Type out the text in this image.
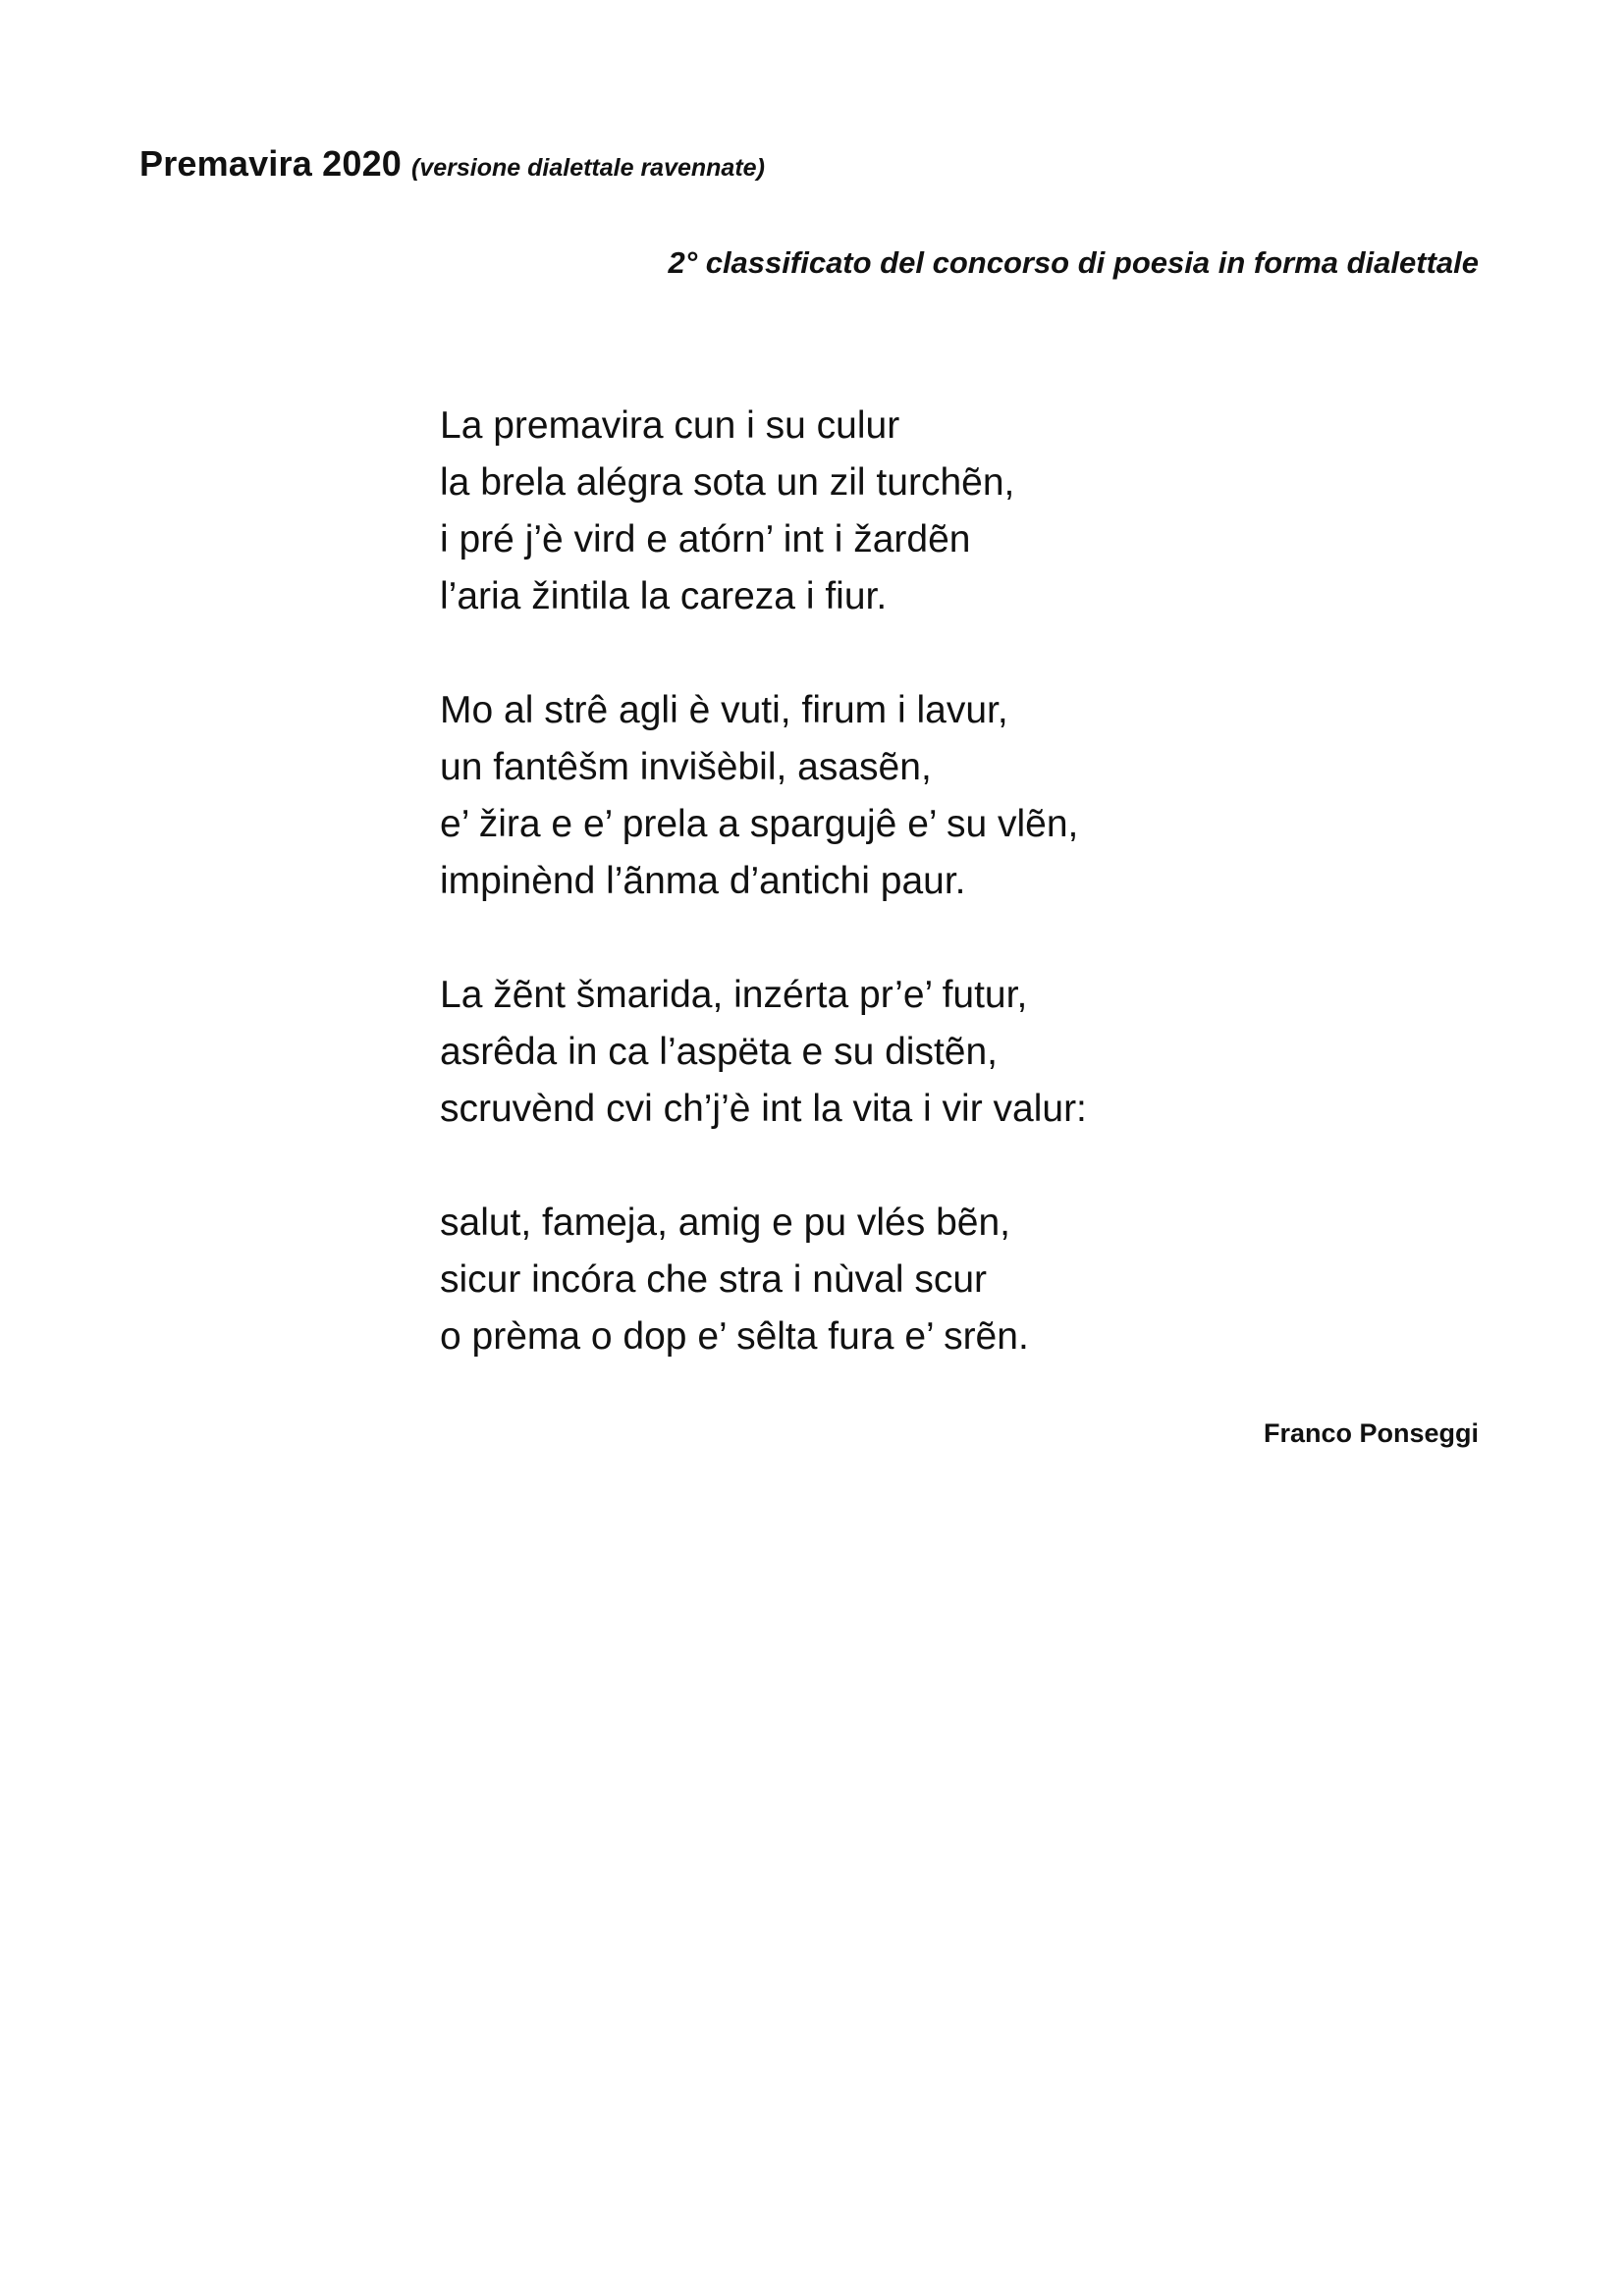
Premavira 2020 (versione dialettale ravennate)
2° classificato del concorso di poesia in forma dialettale
La premavira cun i su culur
la brela alégra sota un zil turchẽn,
i pré j’è vird e atórn’ int i žardẽn
l’aria žintila la careza i fiur.
Mo al strê agli è vuti, firum i lavur,
un fantêšm invišèbil, asasẽn,
e’ žira e e’ prela a spargujê e’ su vlẽn,
impinènd l’ãnma d’antichi paur.
La žẽnt šmarida, inzérta pr’e’ futur,
asrêda in ca l’aspëta e su distẽn,
scruvènd cvi ch’j’è int la vita i vir valur:
salut, fameja, amig e pu vlés bẽn,
sicur incóra che stra i nùval scur
o prèma o dop e’ sêlta fura e’ srẽn.
Franco Ponseggi
